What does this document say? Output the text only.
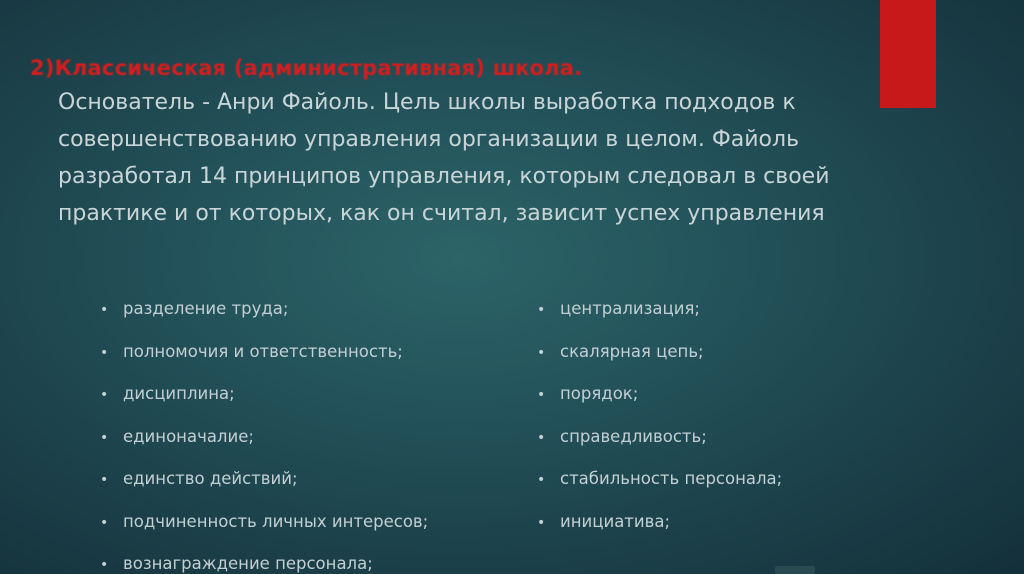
2)Классическая (административная) школа.

Основатель - Анри Файоль. Цель школы выработка подходов к совершенствованию управления организации в целом. Файоль разработал 14 принципов управления, которым следовал в своей практике и от которых, как он считал, зависит успех управления

• разделение труда;
• полномочия и ответственность;
• дисциплина;
• единоначалие;
• единство действий;
• подчиненность личных интересов;
• вознаграждение персонала;
• централизация;
• скалярная цепь;
• порядок;
• справедливость;
• стабильность персонала;
• инициатива;
